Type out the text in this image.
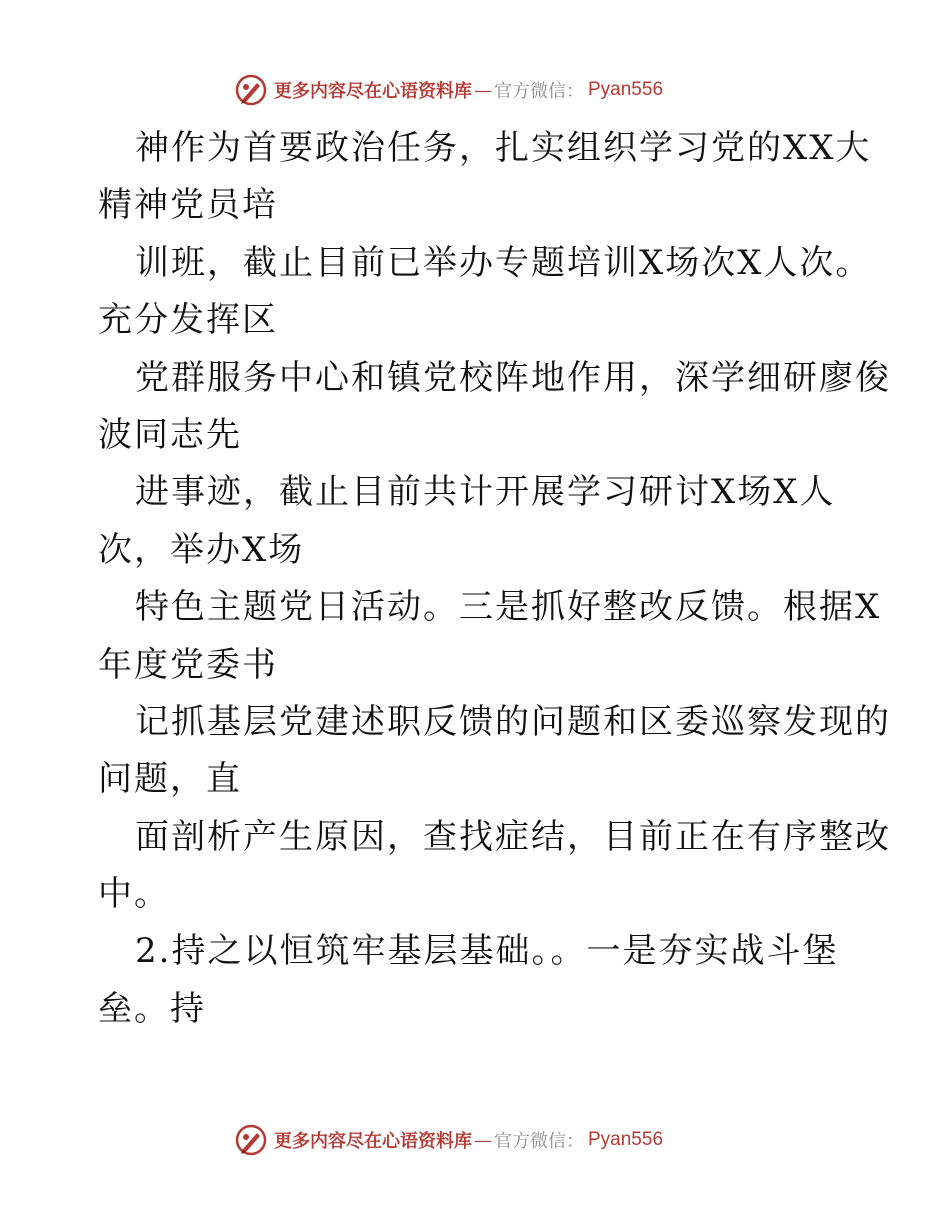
更多内容尽在心语资料库 — 官方微信： Pyan556
神作为首要政治任务，扎实组织学习党的XX大
精神党员培
训班，截止目前已举办专题培训X场次X人次。
充分发挥区
党群服务中心和镇党校阵地作用，深学细研廖俊
波同志先
进事迹，截止目前共计开展学习研讨X场X人
次，举办X场
特色主题党日活动。三是抓好整改反馈。根据X
年度党委书
记抓基层党建述职反馈的问题和区委巡察发现的
问题，直
面剖析产生原因，查找症结，目前正在有序整改
中。
2.持之以恒筑牢基层基础。。一是夯实战斗堡
垒。持
更多内容尽在心语资料库 — 官方微信： Pyan556
